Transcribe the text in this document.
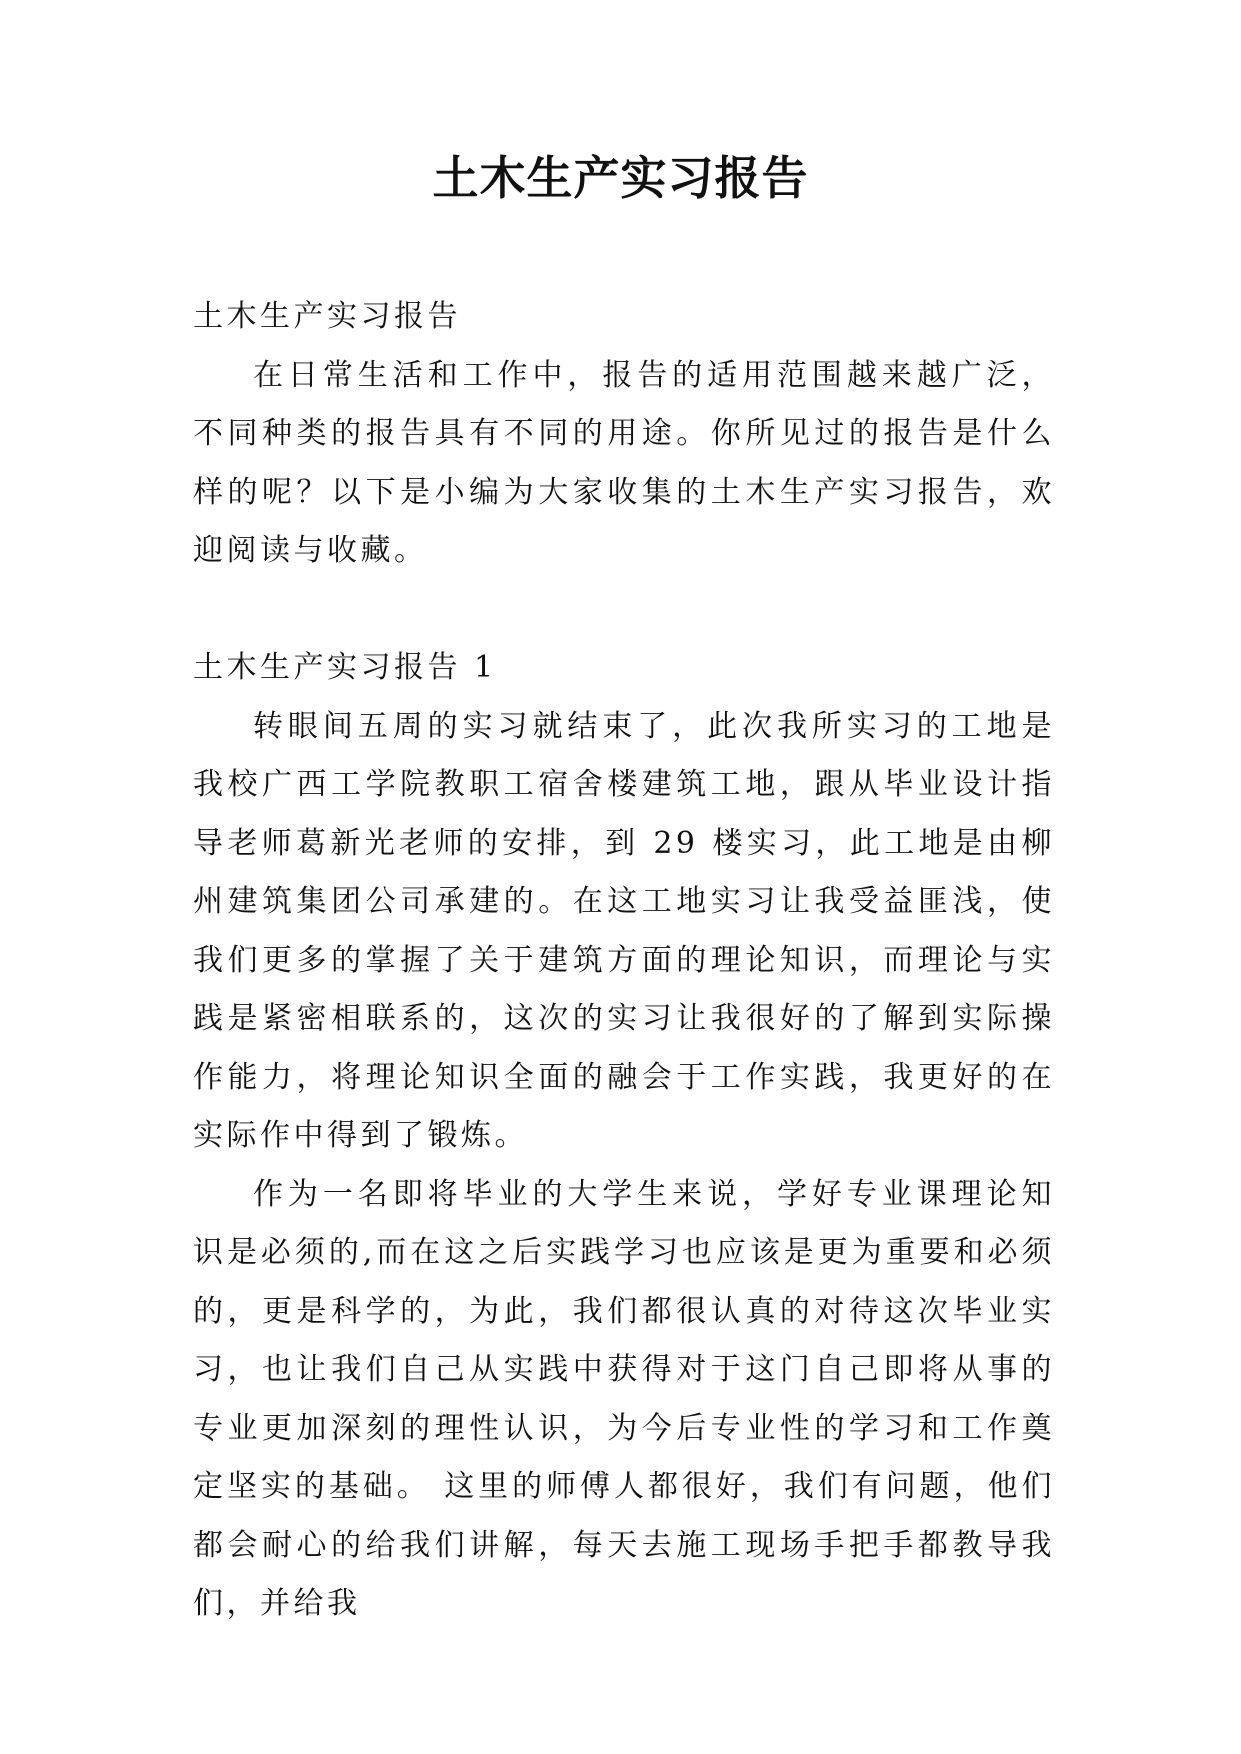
土木生产实习报告

土木生产实习报告

在日常生活和工作中，报告的适用范围越来越广泛，不同种类的报告具有不同的用途。你所见过的报告是什么样的呢？以下是小编为大家收集的土木生产实习报告，欢迎阅读与收藏。

土木生产实习报告 1

转眼间五周的实习就结束了，此次我所实习的工地是我校广西工学院教职工宿舍楼建筑工地，跟从毕业设计指导老师葛新光老师的安排，到 29 楼实习，此工地是由柳州建筑集团公司承建的。在这工地实习让我受益匪浅，使我们更多的掌握了关于建筑方面的理论知识，而理论与实践是紧密相联系的，这次的实习让我很好的了解到实际操作能力，将理论知识全面的融会于工作实践，我更好的在实际作中得到了锻炼。

作为一名即将毕业的大学生来说，学好专业课理论知识是必须的,而在这之后实践学习也应该是更为重要和必须的，更是科学的，为此，我们都很认真的对待这次毕业实习，也让我们自己从实践中获得对于这门自己即将从事的专业更加深刻的理性认识，为今后专业性的学习和工作奠定坚实的基础。 这里的师傅人都很好，我们有问题，他们都会耐心的给我们讲解，每天去施工现场手把手都教导我们，并给我
